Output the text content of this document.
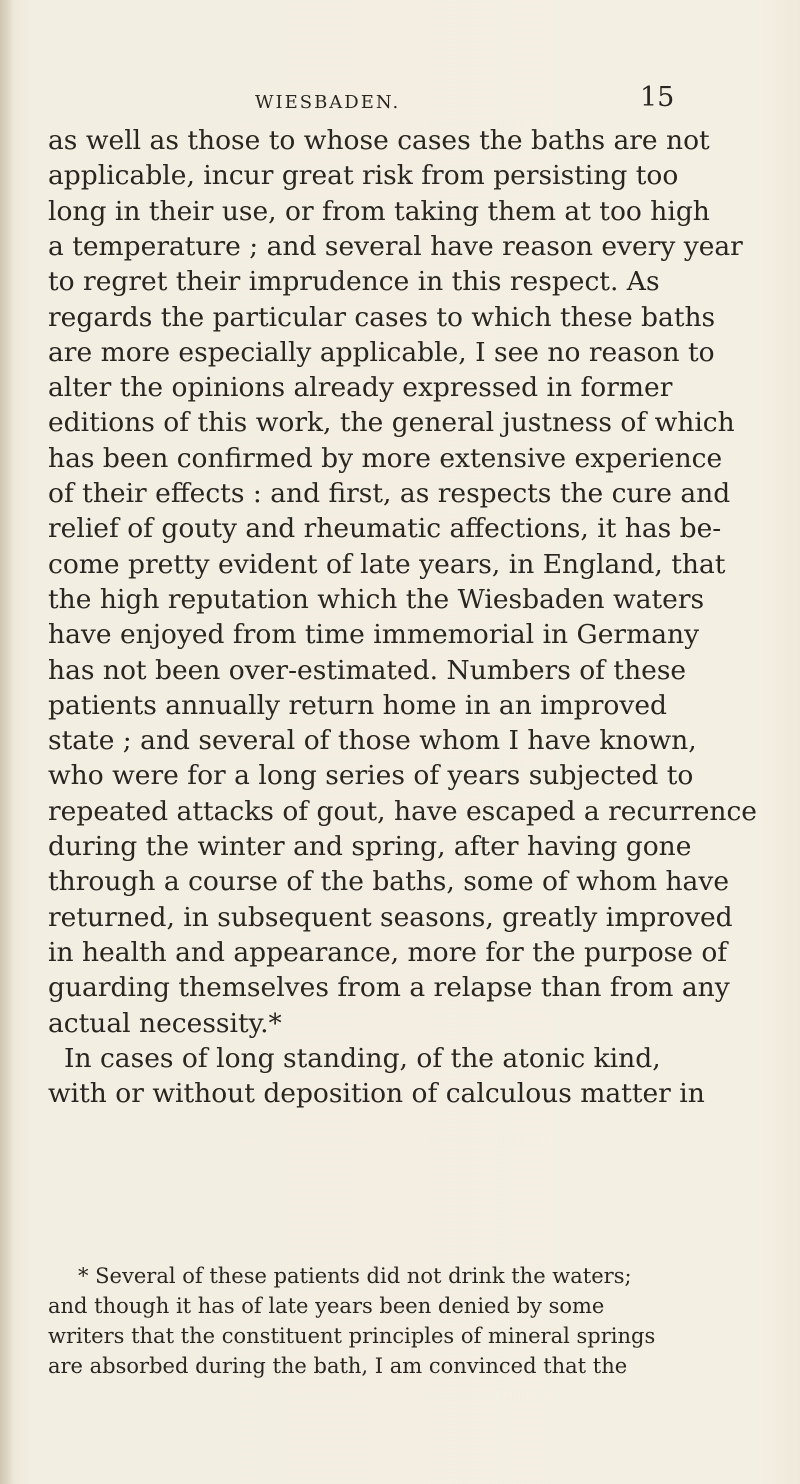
WIESBADEN.	15
as well as those to whose cases the baths are not
applicable, incur great risk from persisting too
long in their use, or from taking them at too high
a temperature ; and several have reason every year
to regret their imprudence in this respect. As
regards the particular cases to which these baths
are more especially applicable, I see no reason to
alter the opinions already expressed in former
editions of this work, the general justness of which
has been confirmed by more extensive experience
of their effects : and first, as respects the cure and
relief of gouty and rheumatic affections, it has be-
come pretty evident of late years, in England, that
the high reputation which the Wiesbaden waters
have enjoyed from time immemorial in Germany
has not been over-estimated. Numbers of these
patients annually return home in an improved
state ; and several of those whom I have known,
who were for a long series of years subjected to
repeated attacks of gout, have escaped a recurrence
during the winter and spring, after having gone
through a course of the baths, some of whom have
returned, in subsequent seasons, greatly improved
in health and appearance, more for the purpose of
guarding themselves from a relapse than from any
actual necessity.*
In cases of long standing, of the atonic kind,
with or without deposition of calculous matter in
* Several of these patients did not drink the waters;
and though it has of late years been denied by some
writers that the constituent principles of mineral springs
are absorbed during the bath, I am convinced that the
